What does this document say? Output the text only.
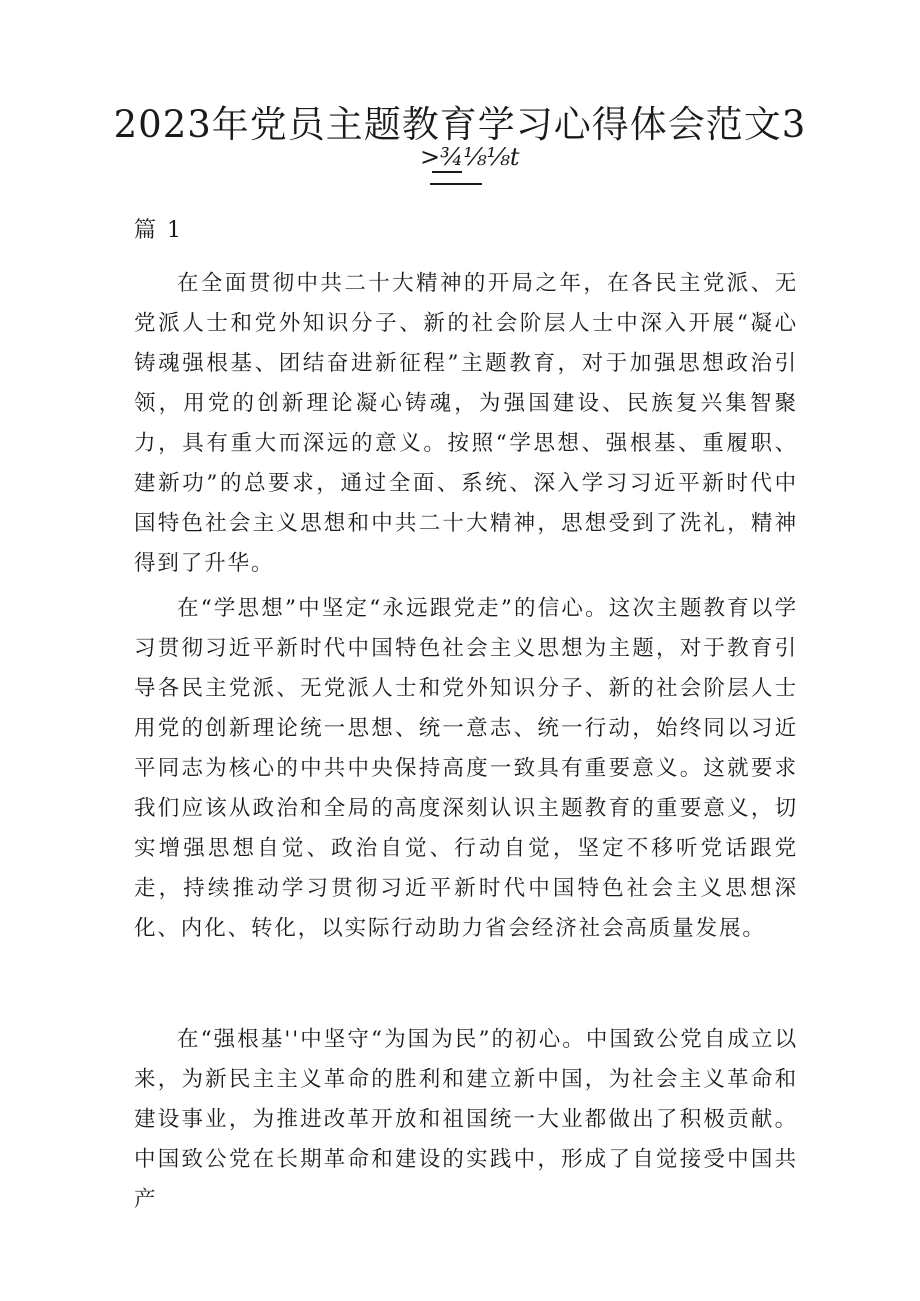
2023年党员主题教育学习心得体会范文3
>¾⅛⅛t
篇 1

在全面贯彻中共二十大精神的开局之年，在各民主党派、无党派人士和党外知识分子、新的社会阶层人士中深入开展“凝心铸魂强根基、团结奋进新征程”主题教育，对于加强思想政治引领，用党的创新理论凝心铸魂，为强国建设、民族复兴集智聚力，具有重大而深远的意义。按照“学思想、强根基、重履职、建新功”的总要求，通过全面、系统、深入学习习近平新时代中国特色社会主义思想和中共二十大精神，思想受到了洗礼，精神得到了升华。

在“学思想”中坚定“永远跟党走”的信心。这次主题教育以学习贯彻习近平新时代中国特色社会主义思想为主题，对于教育引导各民主党派、无党派人士和党外知识分子、新的社会阶层人士用党的创新理论统一思想、统一意志、统一行动，始终同以习近平同志为核心的中共中央保持高度一致具有重要意义。这就要求我们应该从政治和全局的高度深刻认识主题教育的重要意义，切实增强思想自觉、政治自觉、行动自觉，坚定不移听党话跟党走，持续推动学习贯彻习近平新时代中国特色社会主义思想深化、内化、转化，以实际行动助力省会经济社会高质量发展。

在“强根基''中坚守“为国为民”的初心。中国致公党自成立以来，为新民主主义革命的胜利和建立新中国，为社会主义革命和建设事业，为推进改革开放和祖国统一大业都做出了积极贡献。中国致公党在长期革命和建设的实践中，形成了自觉接受中国共产
